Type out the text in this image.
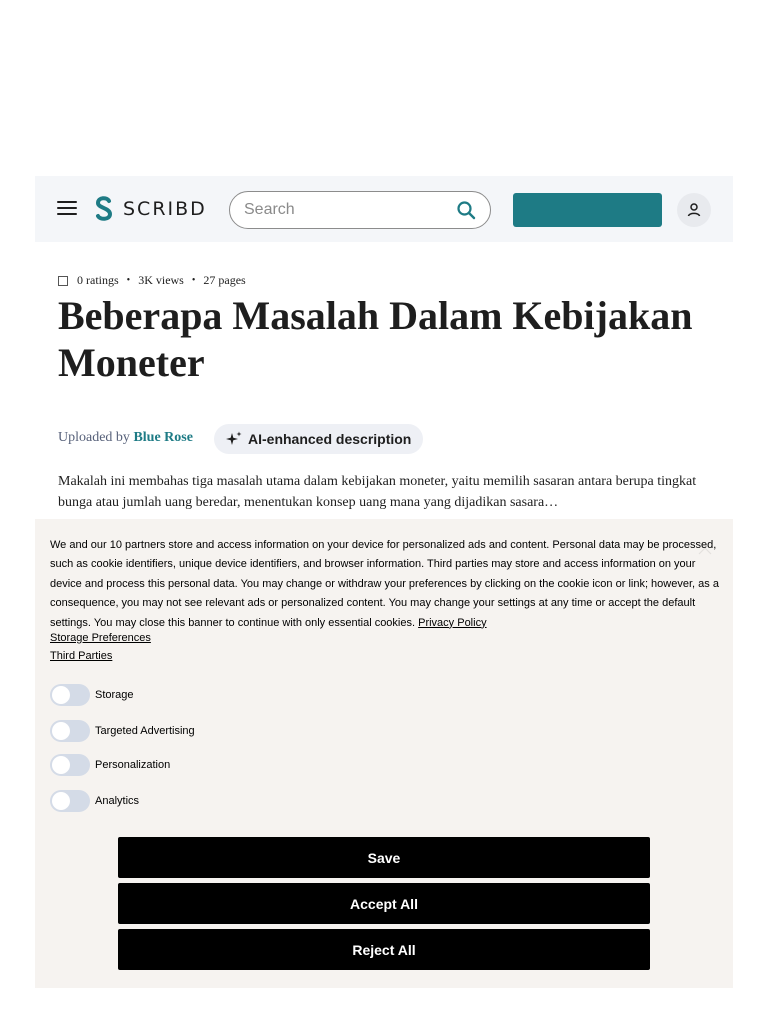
SCRIBD
Search
0 ratings • 3K views • 27 pages
Beberapa Masalah Dalam Kebijakan Moneter
Uploaded by Blue Rose	AI-enhanced description

Makalah ini membahas tiga masalah utama dalam kebijakan moneter, yaitu memilih sasaran antara berupa tingkat bunga atau jumlah uang beredar, menentukan konsep uang mana yang dijadikan sasara…

We and our 10 partners store and access information on your device for personalized ads and content. Personal data may be processed, such as cookie identifiers, unique device identifiers, and browser information. Third parties may store and access information on your device and process this personal data. You may change or withdraw your preferences by clicking on the cookie icon or link; however, as a consequence, you may not see relevant ads or personalized content. You may change your settings at any time or accept the default settings. You may close this banner to continue with only essential cookies. Privacy Policy

Storage Preferences
Third Parties
Storage
Targeted Advertising
Personalization
Analytics
Save
Accept All
Reject All
